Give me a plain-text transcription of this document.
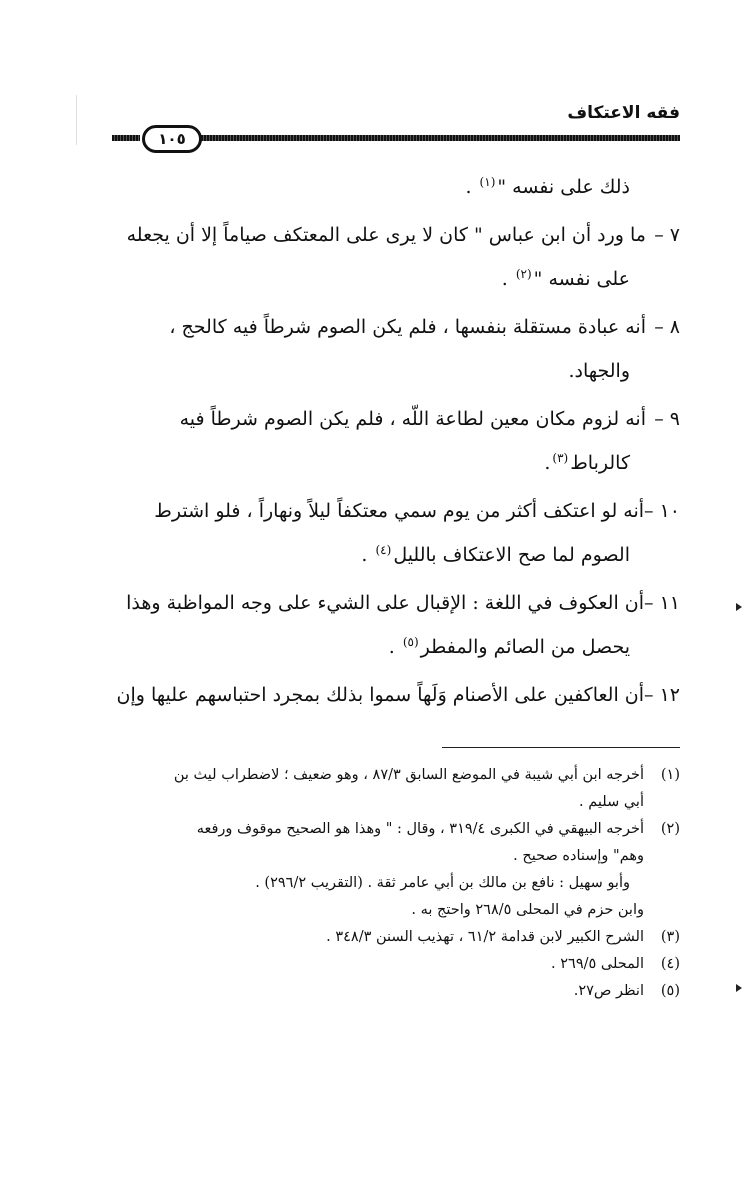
فقه الاعتكاف
١٠٥

ذلك على نفسه "$^{(١)}$ .

٧ –ما ورد أن ابن عباس " كان لا يرى على المعتكف صياماً إلا أن يجعله

على نفسه "$^{(٢)}$ .

٨ –أنه عبادة مستقلة بنفسها ، فلم يكن الصوم شرطاً فيه كالحج ،

والجهاد.

٩ –أنه لزوم مكان معين لطاعة اللّه ، فلم يكن الصوم شرطاً فيه

كالرباط$^{(٣)}$.

١٠ –أنه لو اعتكف أكثر من يوم سمي معتكفاً ليلاً ونهاراً ، فلو اشترط

الصوم لما صح الاعتكاف بالليل$^{(٤)}$ .

١١ –أن العكوف في اللغة : الإقبال على الشيء على وجه المواظبة وهذا

يحصل من الصائم والمفطر$^{(٥)}$ .

١٢ –أن العاكفين على الأصنام وَلَهاً سموا بذلك بمجرد احتباسهم عليها وإن

(١)أخرجه ابن أبي شيبة في الموضع السابق ٨٧/٣ ، وهو ضعيف ؛ لاضطراب ليث بن

أبي سليم .

(٢)أخرجه البيهقي في الكبرى ٣١٩/٤ ، وقال : " وهذا هو الصحيح موقوف ورفعه

وهم" وإسناده صحيح .
وأبو سهيل : نافع بن مالك بن أبي عامر ثقة . (التقريب ٢٩٦/٢) .
وابن حزم في المحلى ٢٦٨/٥ واحتج به .

(٣)الشرح الكبير لابن قدامة ٦١/٢ ، تهذيب السنن ٣٤٨/٣ .

(٤)المحلى ٢٦٩/٥ .

(٥)انظر ص٢٧.
